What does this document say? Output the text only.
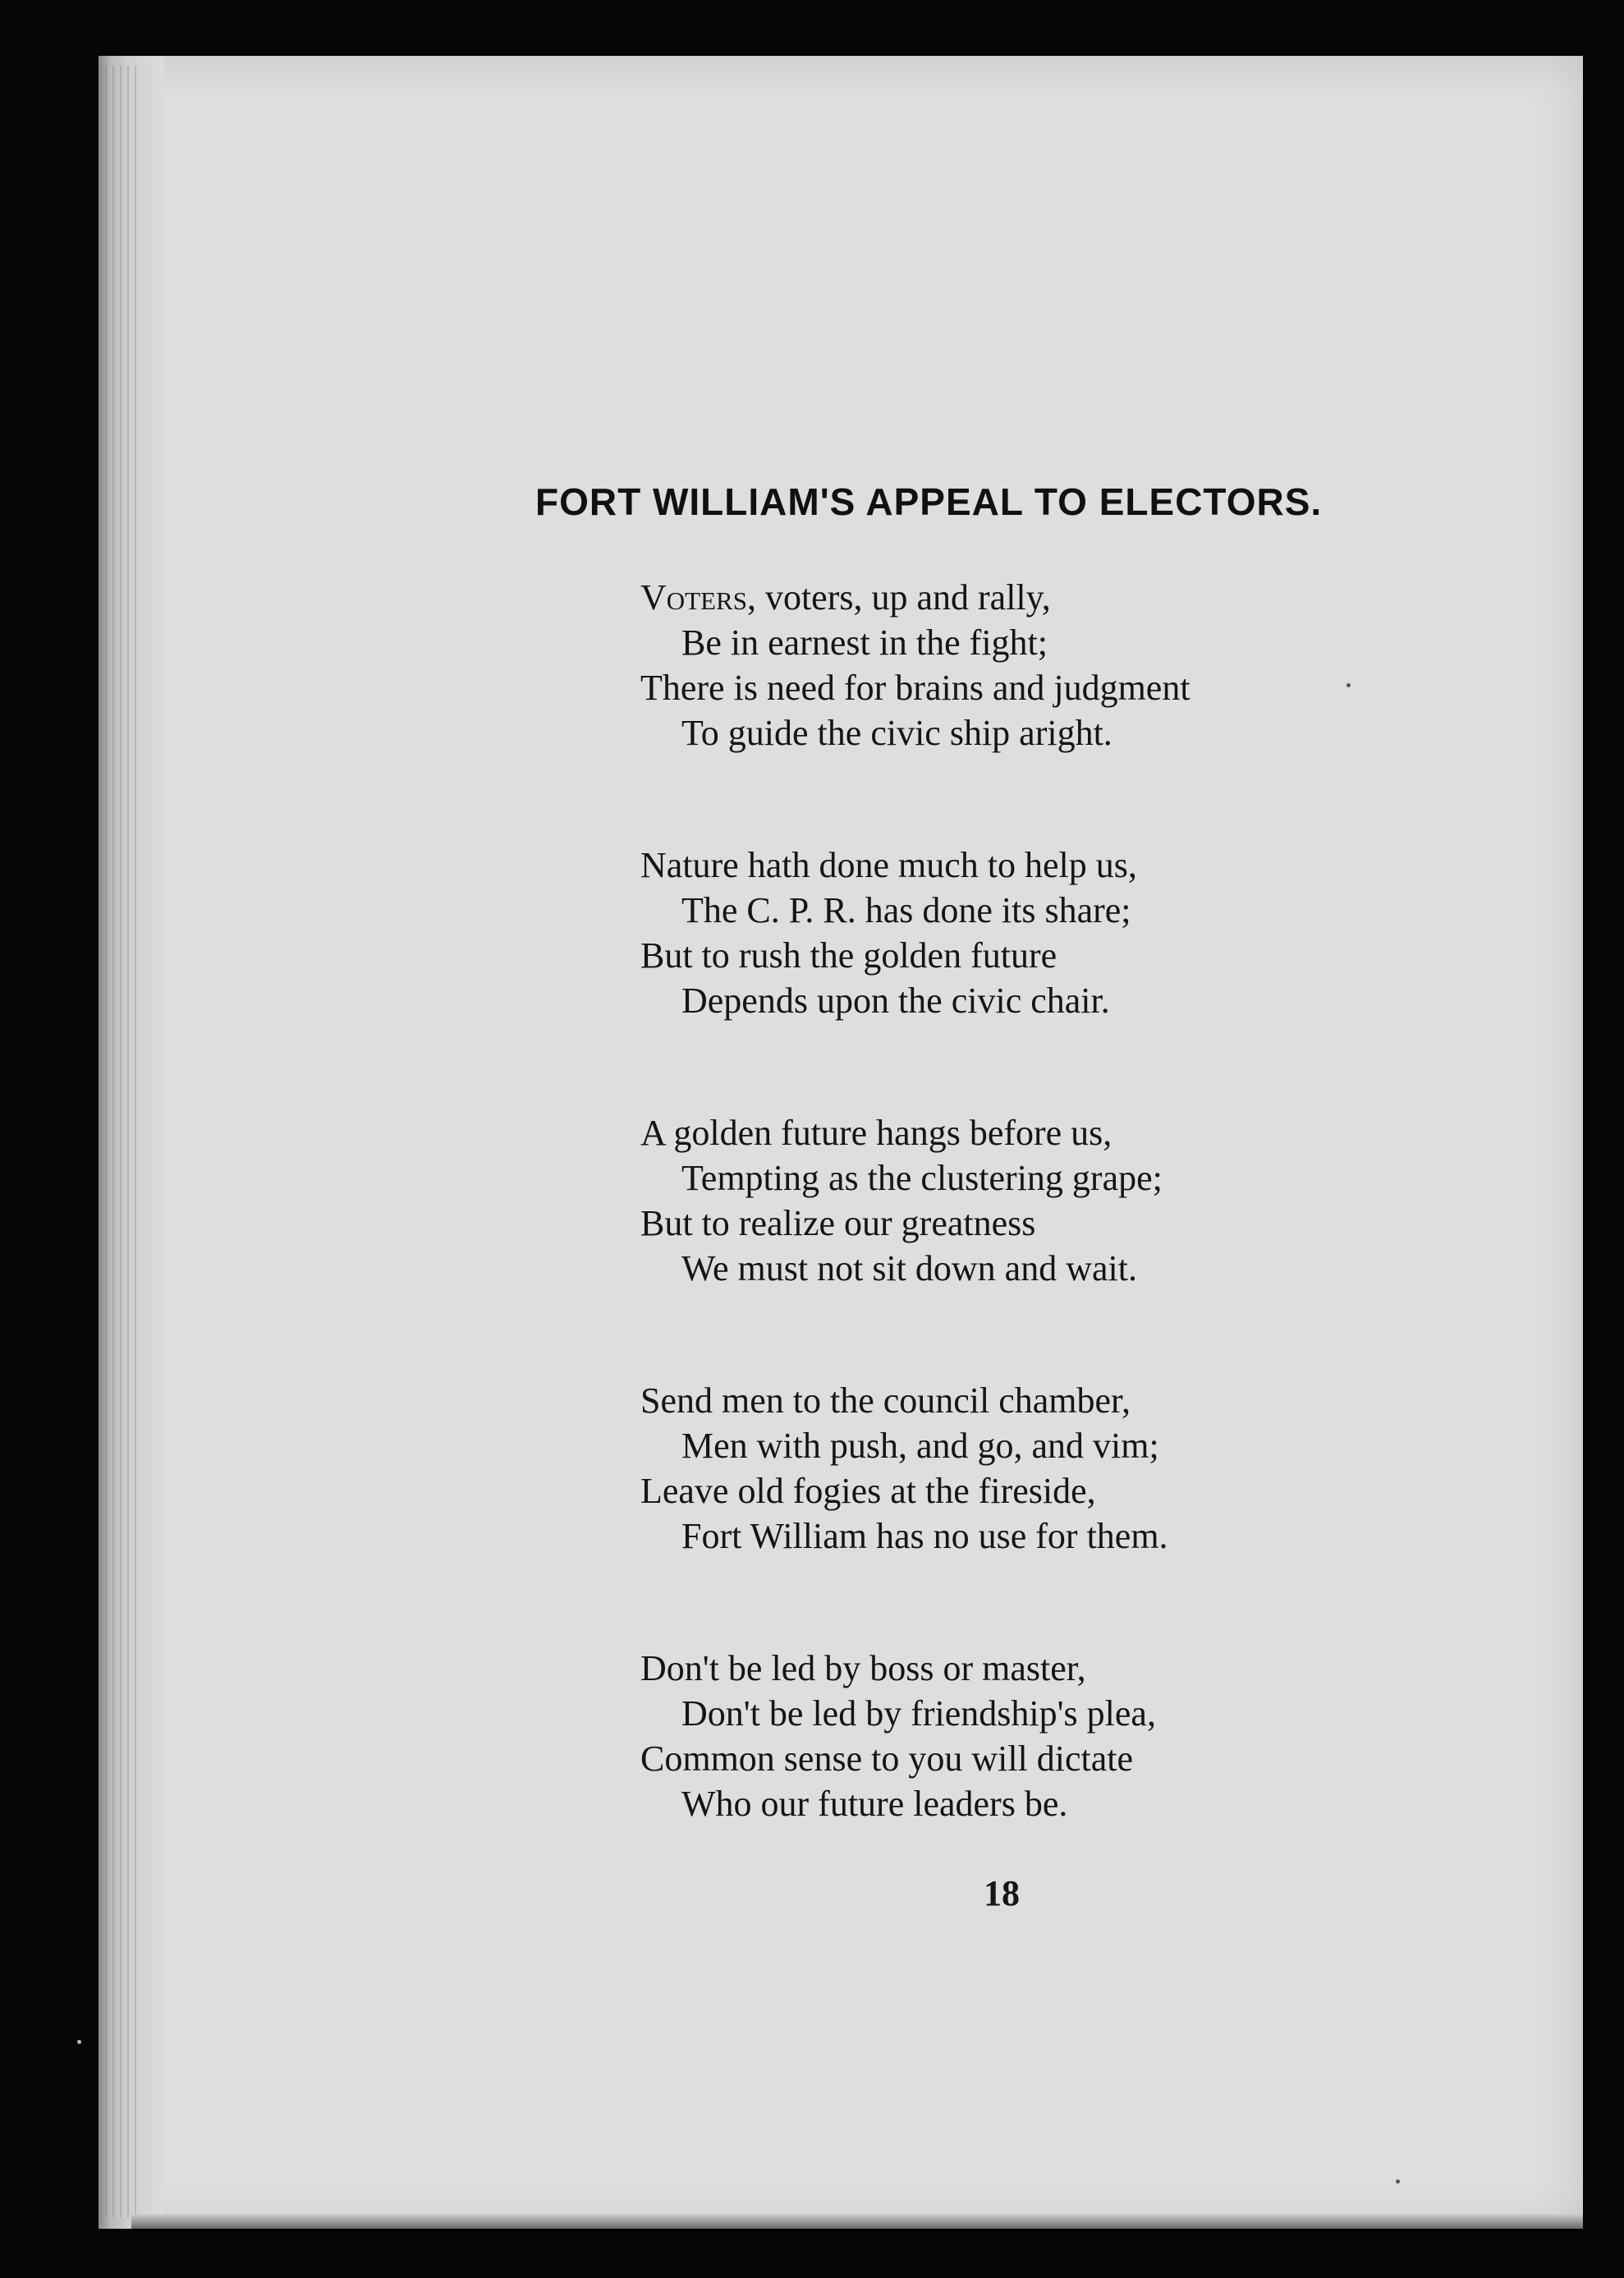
FORT WILLIAM'S APPEAL TO ELECTORS.
Voters, voters, up and rally,
Be in earnest in the fight;
There is need for brains and judgment
To guide the civic ship aright.
Nature hath done much to help us,
The C. P. R. has done its share;
But to rush the golden future
Depends upon the civic chair.
A golden future hangs before us,
Tempting as the clustering grape;
But to realize our greatness
We must not sit down and wait.
Send men to the council chamber,
Men with push, and go, and vim;
Leave old fogies at the fireside,
Fort William has no use for them.
Don't be led by boss or master,
Don't be led by friendship's plea,
Common sense to you will dictate
Who our future leaders be.
18
